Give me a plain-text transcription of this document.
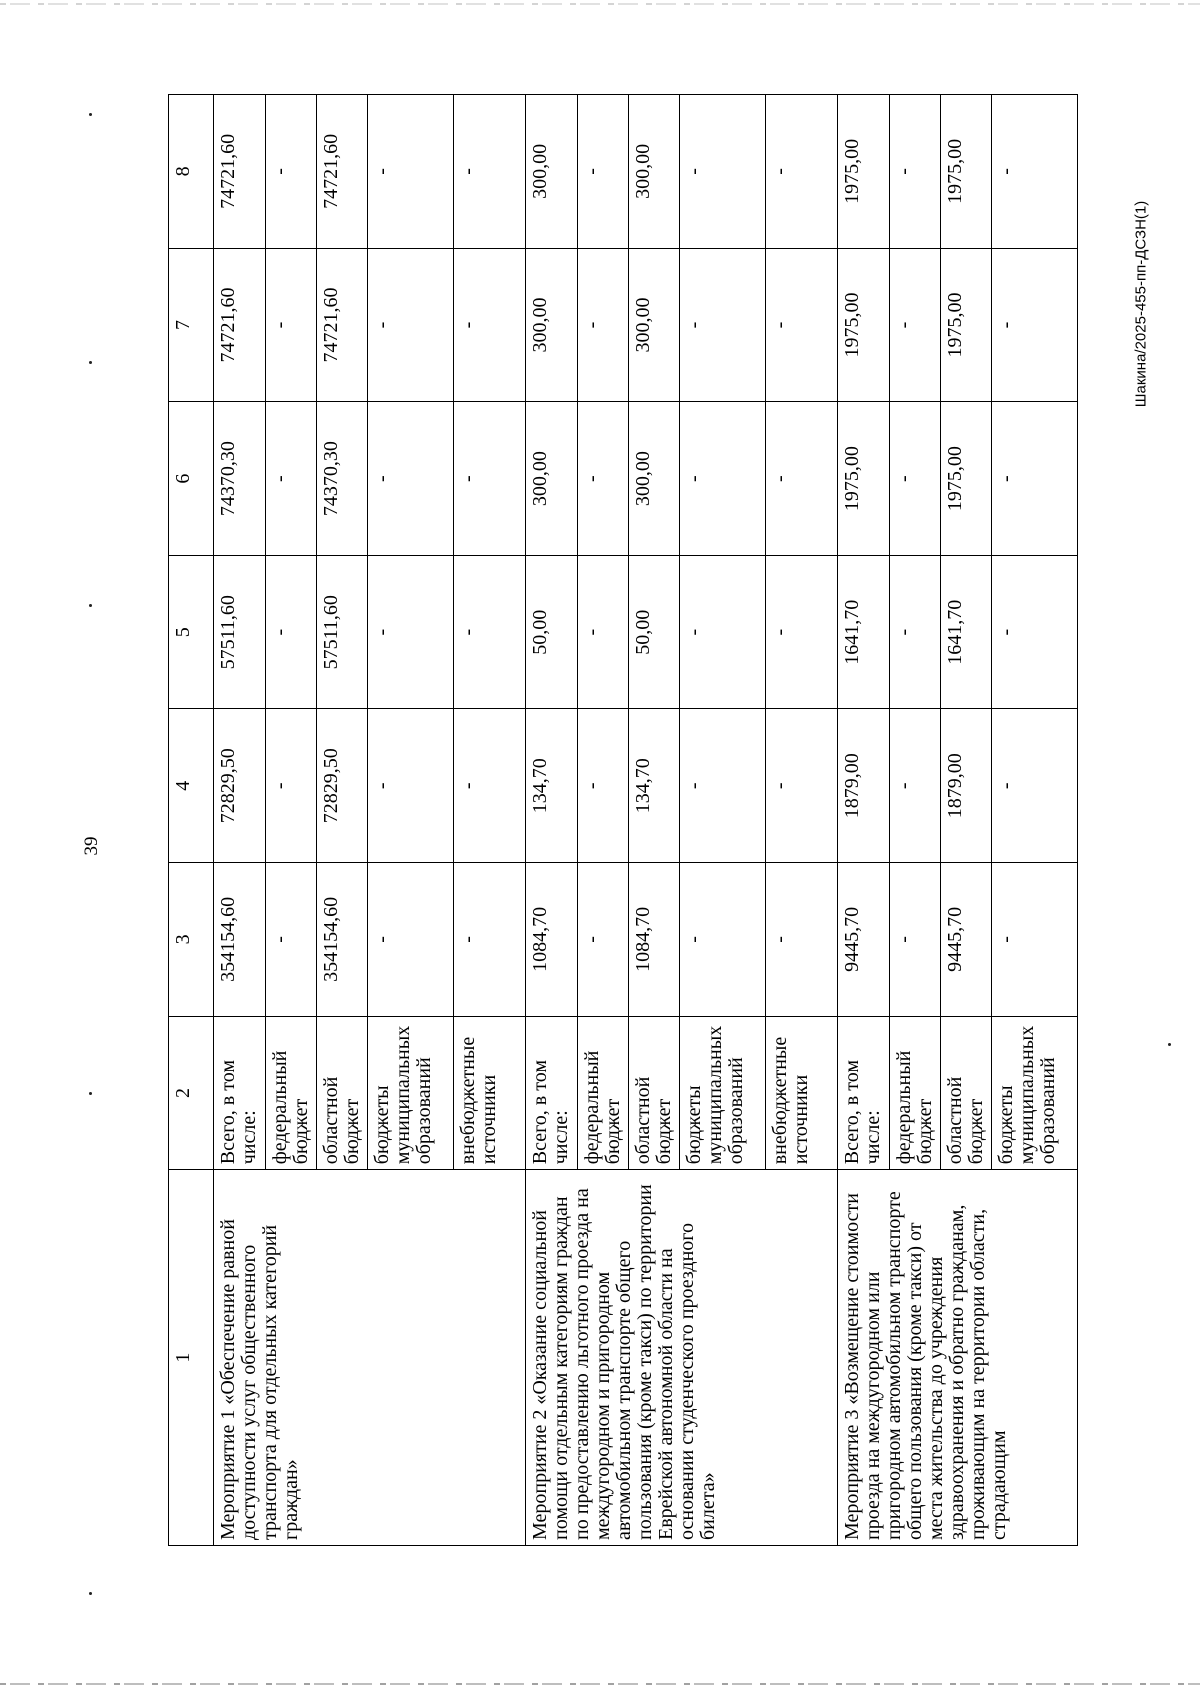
39
Шакина/2025-455-пп-ДСЗН(1)
1	2	3	4	5	6	7	8
Мероприятие 1 «Обеспечение равной доступности услуг общественного транспорта для отдельных категорий граждан»	Всего, в том числе:	354154,60	72829,50	57511,60	74370,30	74721,60	74721,60
	федеральный бюджет	-	-	-	-	-	-
	областной бюджет	354154,60	72829,50	57511,60	74370,30	74721,60	74721,60
	бюджеты муниципальных образований	-	-	-	-	-	-
	внебюджетные источники	-	-	-	-	-	-
Мероприятие 2 «Оказание социальной помощи отдельным категориям граждан по предоставлению льготного проезда на междугородном и пригородном автомобильном транспорте общего пользования (кроме такси) по территории Еврейской автономной области на основании студенческого проездного билета»	Всего, в том числе:	1084,70	134,70	50,00	300,00	300,00	300,00
	федеральный бюджет	-	-	-	-	-	-
	областной бюджет	1084,70	134,70	50,00	300,00	300,00	300,00
	бюджеты муниципальных образований	-	-	-	-	-	-
	внебюджетные источники	-	-	-	-	-	-
Мероприятие 3 «Возмещение стоимости проезда на междугородном или пригородном автомобильном транспорте общего пользования (кроме такси) от места жительства до учреждения здравоохранения и обратно гражданам, проживающим на территории области, страдающим	Всего, в том числе:	9445,70	1879,00	1641,70	1975,00	1975,00	1975,00
	федеральный бюджет	-	-	-	-	-	-
	областной бюджет	9445,70	1879,00	1641,70	1975,00	1975,00	1975,00
	бюджеты муниципальных образований	-	-	-	-	-	-
